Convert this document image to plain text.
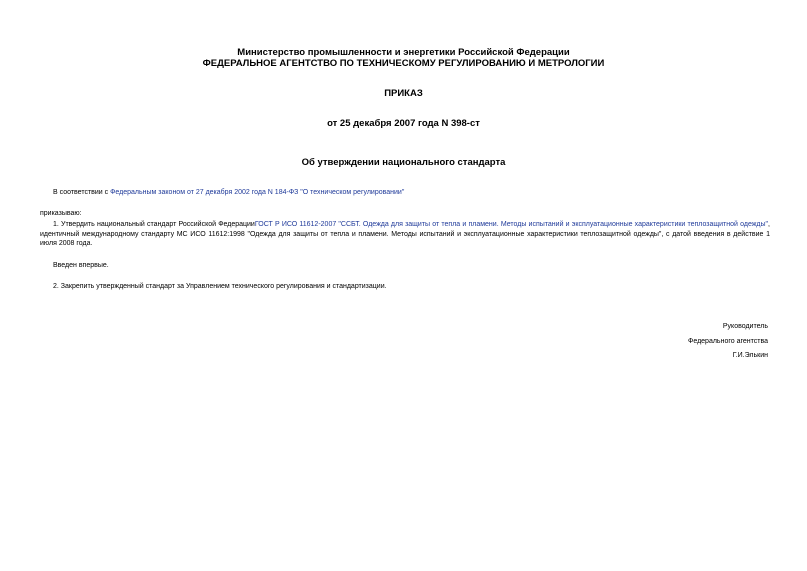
Министерство промышленности и энергетики Российской Федерации
ФЕДЕРАЛЬНОЕ АГЕНТСТВО ПО ТЕХНИЧЕСКОМУ РЕГУЛИРОВАНИЮ И МЕТРОЛОГИИ
ПРИКАЗ
от 25 декабря 2007 года N 398-ст
Об утверждении национального стандарта
В соответствии с Федеральным законом от 27 декабря 2002 года N 184-ФЗ "О техническом регулировании"
приказываю:
1. Утвердить национальный стандарт Российской ФедерацииГОСТ Р ИСО 11612-2007 "ССБТ. Одежда для защиты от тепла и пламени. Методы испытаний и эксплуатационные характеристики теплозащитной одежды", идентичный международному стандарту МС ИСО 11612:1998 "Одежда для защиты от тепла и пламени. Методы испытаний и эксплуатационные характеристики теплозащитной одежды", с датой введения в действие 1 июля 2008 года.
Введен впервые.
2. Закрепить утвержденный стандарт за Управлением технического регулирования и стандартизации.
Руководитель
Федерального агентства
Г.И.Элькин
